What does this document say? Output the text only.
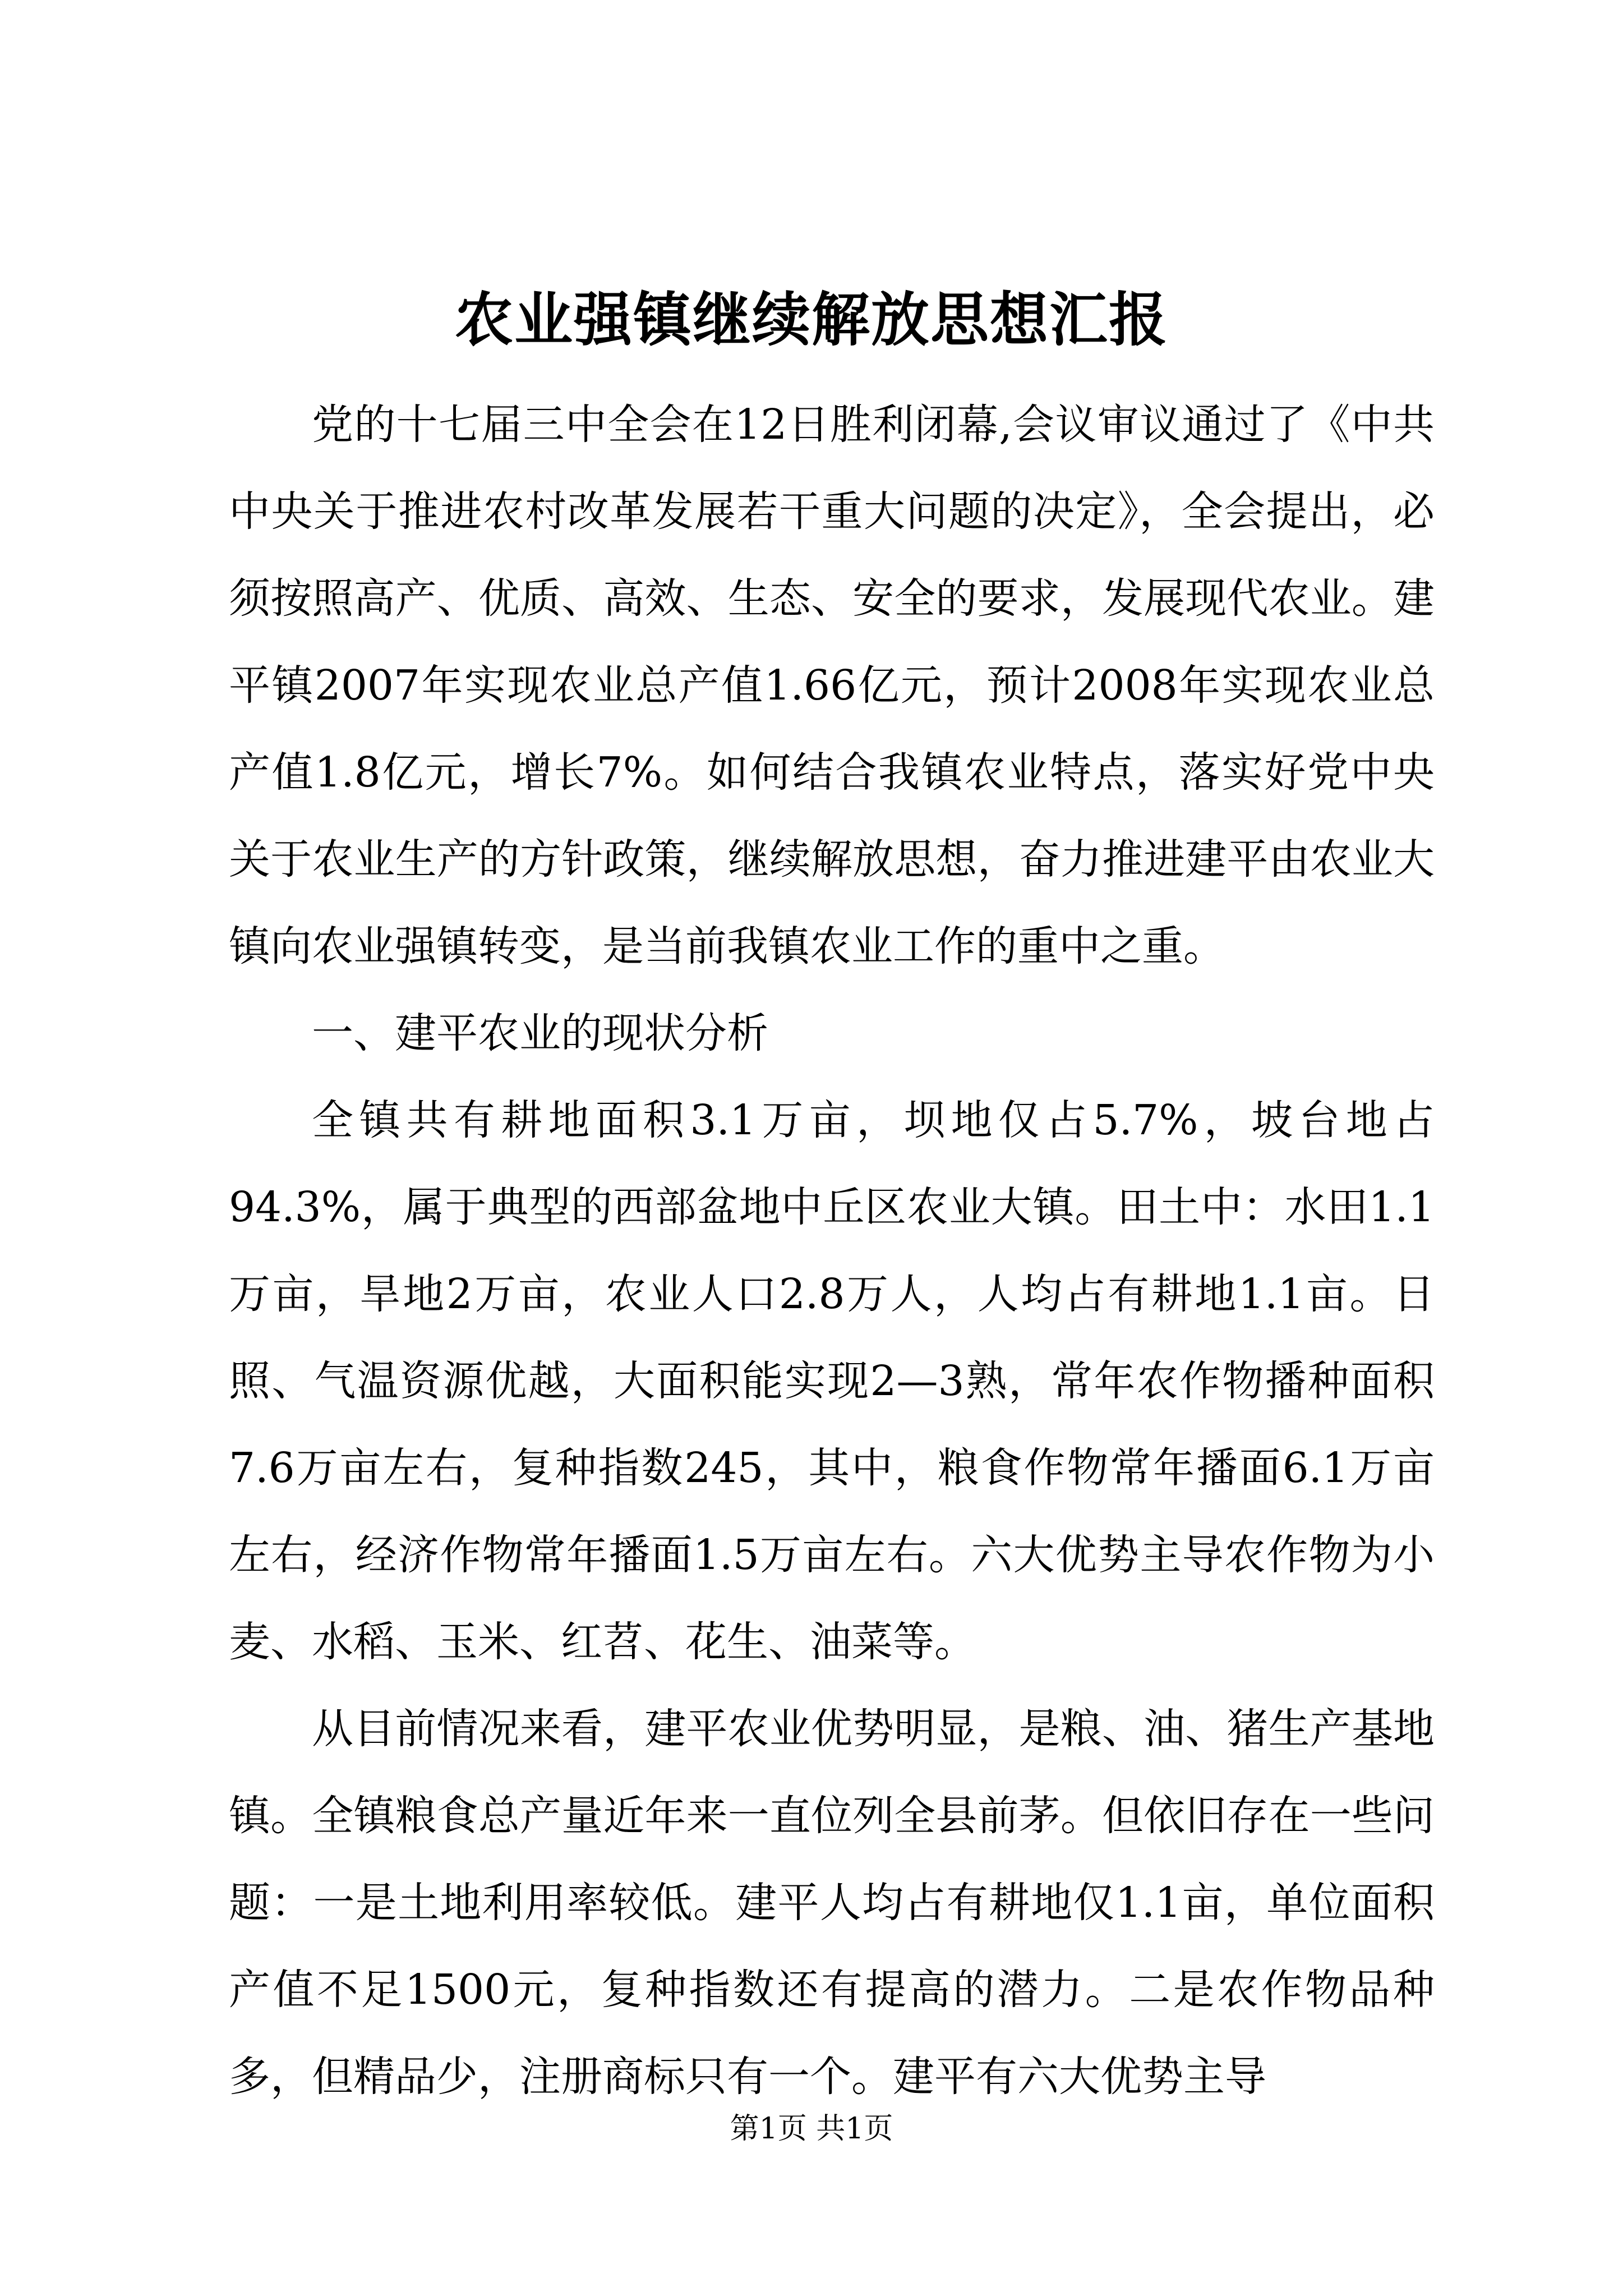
农业强镇继续解放思想汇报

党的十七届三中全会在12日胜利闭幕,会议审议通过了《中共中央关于推进农村改革发展若干重大问题的决定》，全会提出，必须按照高产、优质、高效、生态、安全的要求，发展现代农业。建平镇2007年实现农业总产值1.66亿元，预计2008年实现农业总产值1.8亿元，增长7%。如何结合我镇农业特点，落实好党中央关于农业生产的方针政策，继续解放思想，奋力推进建平由农业大镇向农业强镇转变，是当前我镇农业工作的重中之重。

一、建平农业的现状分析

全镇共有耕地面积3.1万亩，坝地仅占5.7%，坡台地占94.3%，属于典型的西部盆地中丘区农业大镇。田土中：水田1.1万亩，旱地2万亩，农业人口2.8万人，人均占有耕地1.1亩。日照、气温资源优越，大面积能实现2—3熟，常年农作物播种面积7.6万亩左右，复种指数245，其中，粮食作物常年播面6.1万亩左右，经济作物常年播面1.5万亩左右。六大优势主导农作物为小麦、水稻、玉米、红苕、花生、油菜等。

从目前情况来看，建平农业优势明显，是粮、油、猪生产基地镇。全镇粮食总产量近年来一直位列全县前茅。但依旧存在一些问题：一是土地利用率较低。建平人均占有耕地仅1.1亩，单位面积产值不足1500元，复种指数还有提高的潜力。二是农作物品种多，但精品少，注册商标只有一个。建平有六大优势主导

第1页 共1页
